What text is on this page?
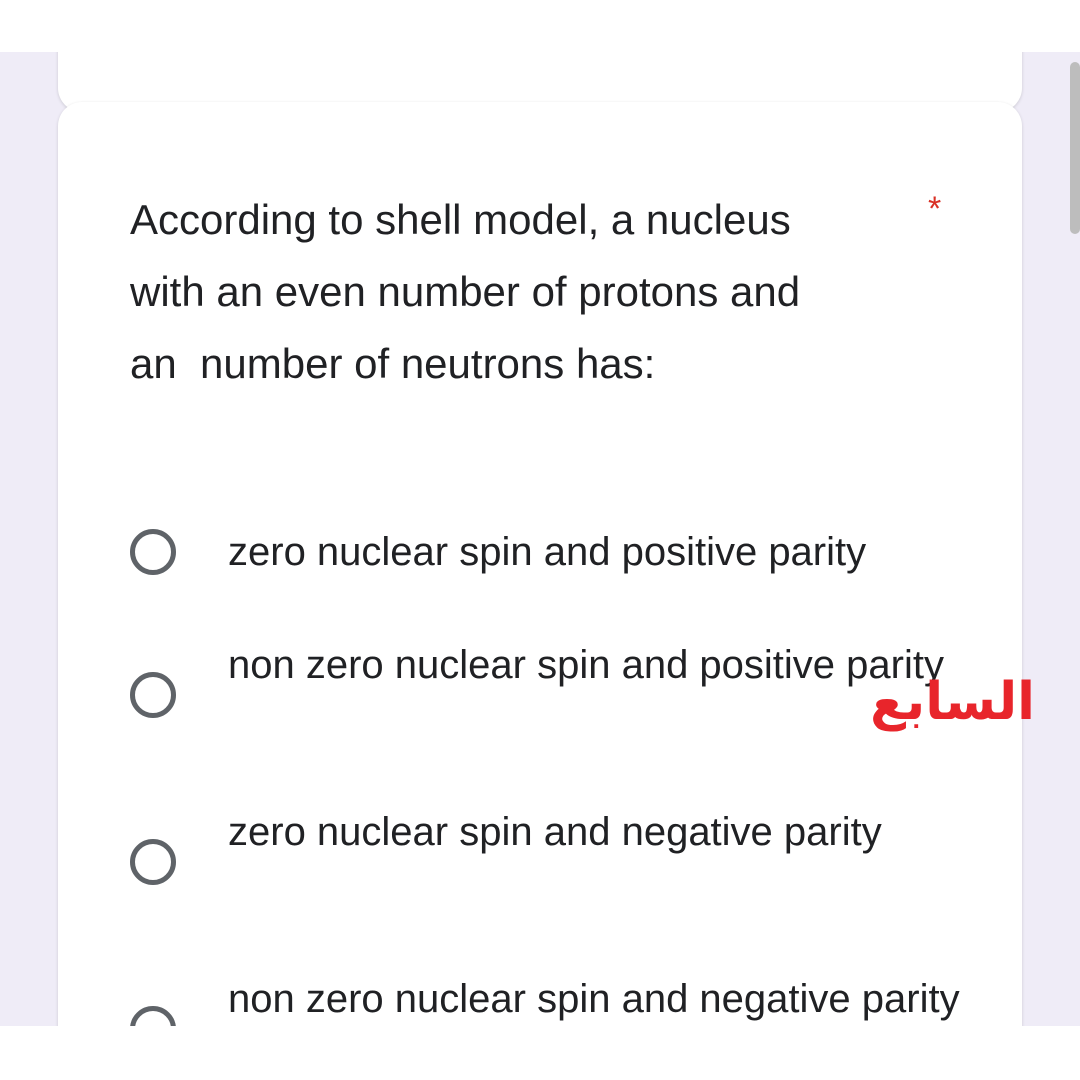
According to shell model, a nucleus
with an even number of protons and
an  number of neutrons has:
*
zero nuclear spin and positive parity
non zero nuclear spin and positive parity
zero nuclear spin and negative parity
non zero nuclear spin and negative parity
السابع
